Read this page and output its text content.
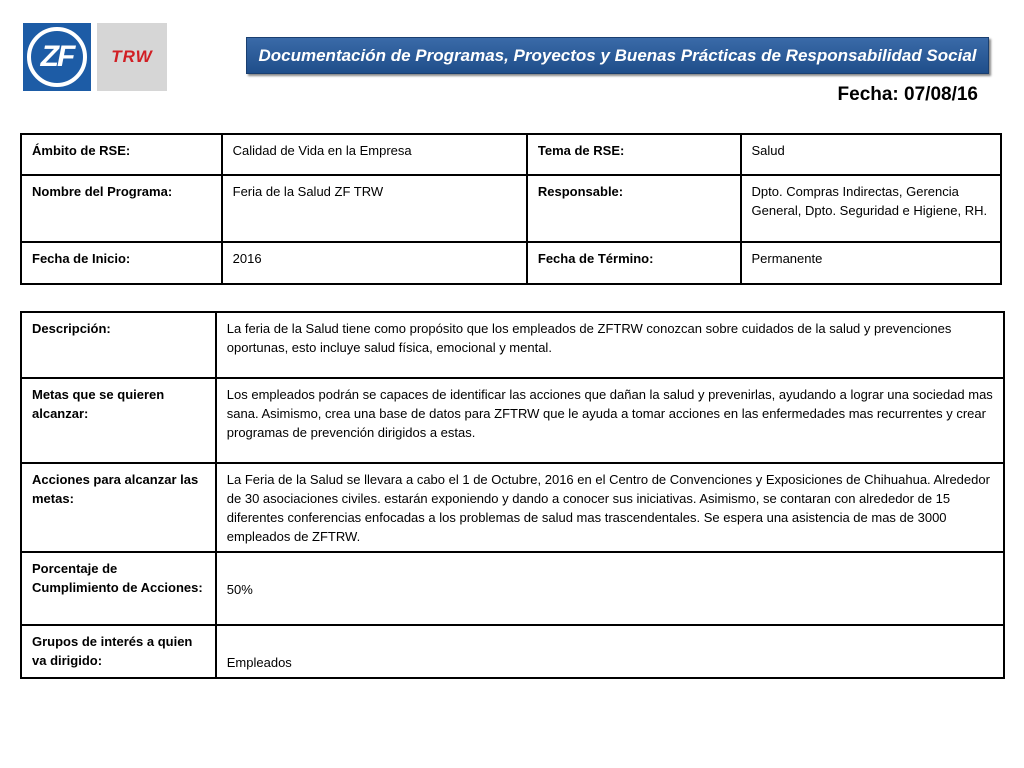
ZF TRW	Documentación de Programas, Proyectos y Buenas Prácticas de Responsabilidad Social
Fecha: 07/08/16
Ámbito de RSE:	Calidad de Vida en la Empresa	Tema de RSE:	Salud
Nombre del Programa:	Feria de la Salud ZF TRW	Responsable:	Dpto. Compras Indirectas, Gerencia General, Dpto. Seguridad e Higiene, RH.
Fecha de Inicio:	2016	Fecha de Término:	Permanente
Descripción:	La feria de la Salud tiene como propósito que los empleados de ZFTRW conozcan sobre cuidados de la salud y prevenciones oportunas, esto incluye salud física, emocional y mental.
Metas que se quieren alcanzar:	Los empleados podrán se capaces de identificar las acciones que dañan la salud y prevenirlas, ayudando a lograr una sociedad mas sana. Asimismo, crea una base de datos para ZFTRW que le ayuda a tomar acciones en las enfermedades mas recurrentes y crear programas de prevención dirigidos a estas.
Acciones para alcanzar las metas:	La Feria de la Salud se llevara a cabo el 1 de Octubre, 2016 en el Centro de Convenciones y Exposiciones de Chihuahua. Alrededor de 30 asociaciones civiles. estarán exponiendo y dando a conocer sus iniciativas. Asimismo, se contaran con alrededor de 15 diferentes conferencias enfocadas a los problemas de salud mas trascendentales. Se espera una asistencia de mas de 3000 empleados de ZFTRW.
Porcentaje de Cumplimiento de Acciones:	50%
Grupos de interés a quien va dirigido:	Empleados
